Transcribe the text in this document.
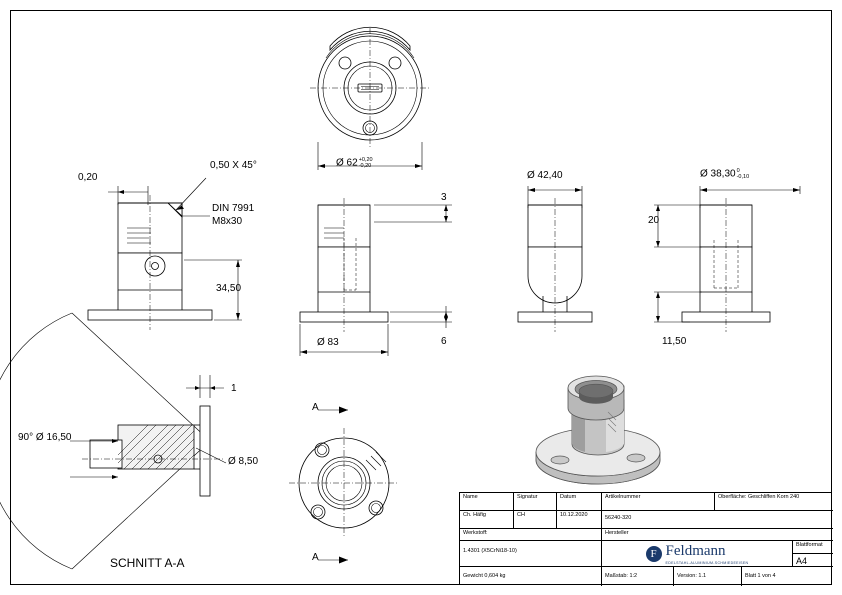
0,20
0,50 X 45°
DIN 7991
M8x30
34,50
Ø 62+0,20
-0,20
3
6
Ø 83
Ø 42,40	Ø 38,300
-0,10
20
11,50
90° Ø 16,50
Ø 8,50
1
SCHNITT A-A
A
A
Name	Signatur	Datum	Artikelnummer	Oberfläche: Geschliffen Korn 240
Ch. Häfig	CH	10.12.2020	56240-320
Werkstoff:	Hersteller
1.4301 (X5CrNi18-10)	F Feldmann
EDELSTAHL-ALUMINIUM-SCHMIEDEEISEN
Blattformat
A4
Gewicht 0,604 kg	Maßstab: 1:2	Version: 1.1	Blatt 1 von 4
